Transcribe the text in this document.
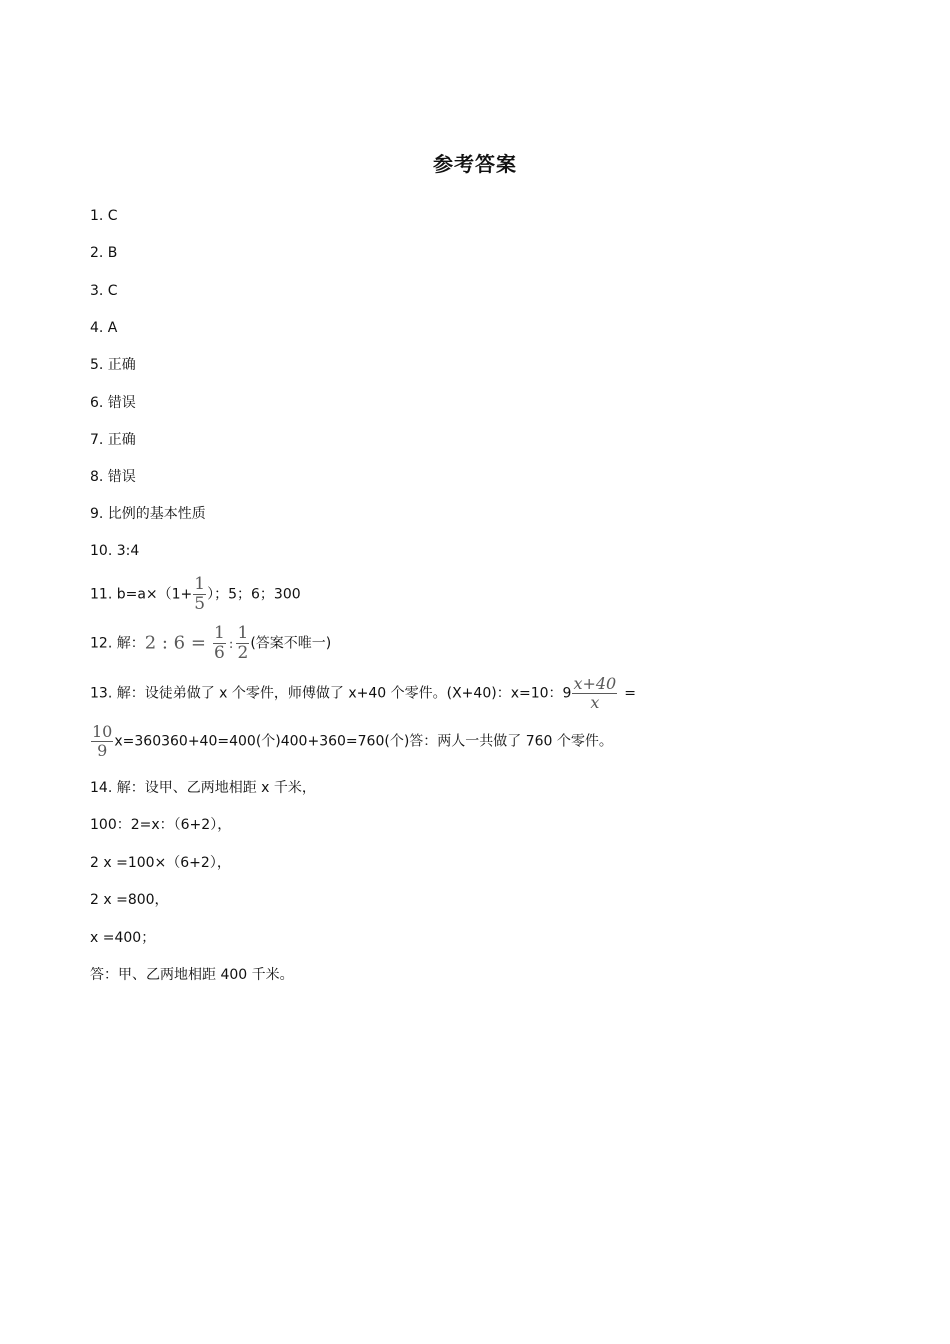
参考答案
1. C
2. B
3. C
4. A
5. 正确
6. 错误
7. 正确
8. 错误
9. 比例的基本性质
10. 3:4
11. $b=a\times(1+ \frac{1}{5}$ ）；5；6；300
12. 解：2 : $6 = \frac{1}{6}$ : $\frac{1}{2}$ (答案不唯一)
13. 解：设徒弟做了 x 个零件，师傅做了 x+40 个零件。(X+40)：x=10：$9 \frac{x+40}{x}$ =
$\frac{10}{9} x=360360+40=400$(个)400+360=760(个)答：两人一共做了 760 个零件。
14. 解：设甲、乙两地相距 x 千米，
100：2=x：（6+2），
2 x =100×（6+2），
2 x =800，
x =400；
答：甲、乙两地相距 400 千米。
